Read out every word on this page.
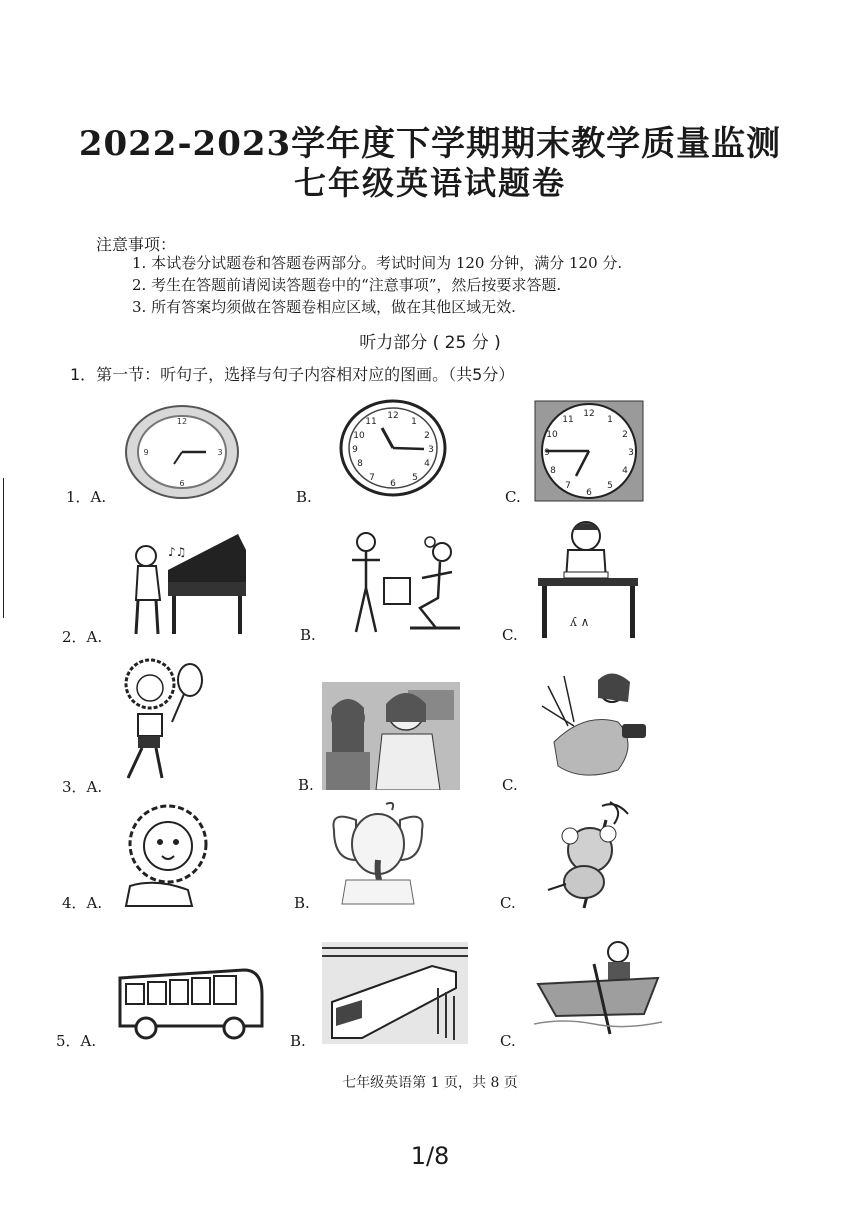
2022-2023学年度下学期期末教学质量监测
七年级英语试题卷
注意事项：
1. 本试卷分试题卷和答题卷两部分。考试时间为 120 分钟，满分 120 分.
2. 考生在答题前请阅读答题卷中的“注意事项”，然后按要求答题.
3. 所有答案均须做在答题卷相应区域，做在其他区域无效.
听力部分 ( 25 分 )
1．第一节：听句子，选择与句子内容相对应的图画。（共5分）
1．A.	B.	C.
12
3
6
9
12
1
2
3
4
5
6
7
8
9
10
11
12
1
2
3
4
5
6
7
8
9
10
11
2．A.	B.	C.
♪♫
ʎ ∧
3．A.	B.	C.
4．A.	B.	C.
5．A.	B.	C.
七年级英语第 1 页，共 8 页
1/8
